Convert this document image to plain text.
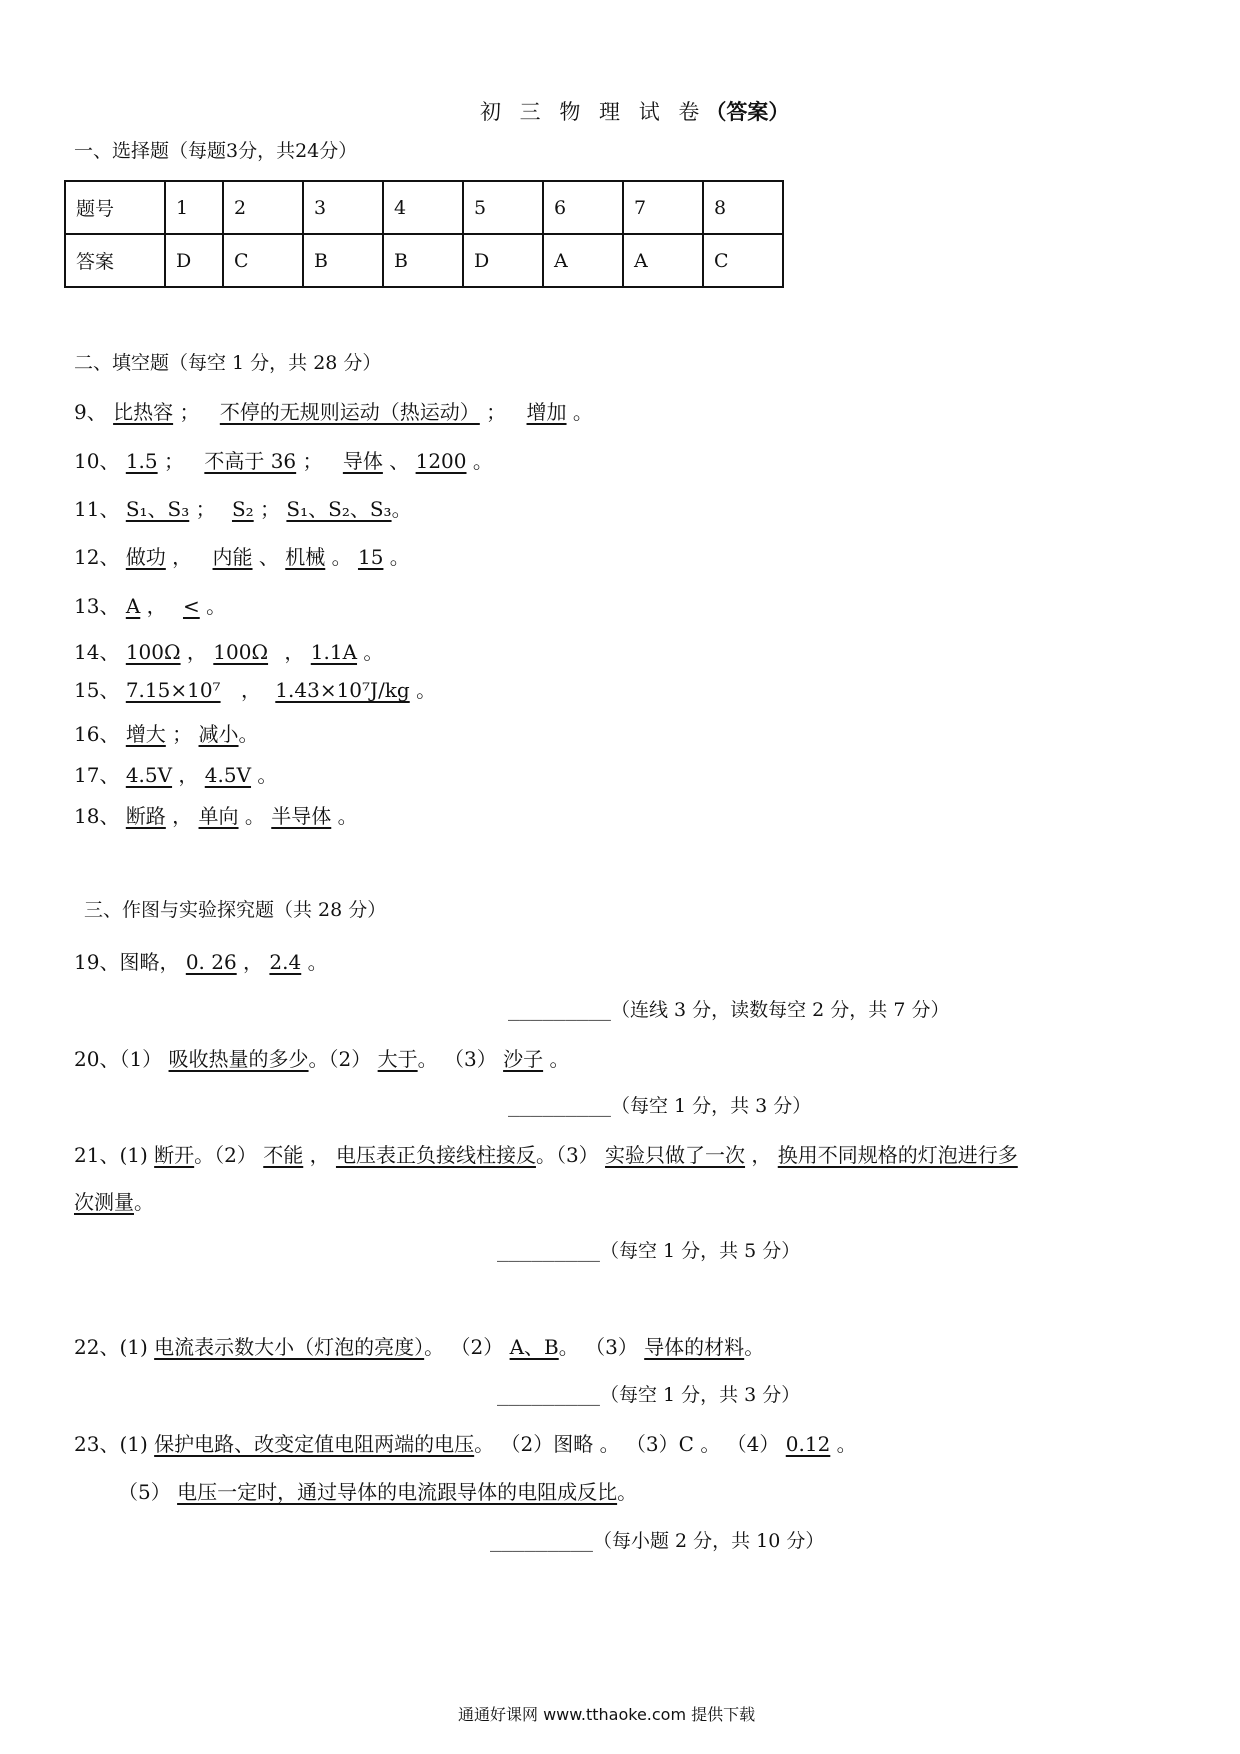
初 三 物 理 试 卷（答案）
一、选择题（每题3分，共24分）
题号	1	2	3	4	5	6	7	8
答案	D	C	B	B	D	A	A	C
二、填空题（每空 1 分，共 28 分）
9、 比热容 ； 不停的无规则运动（热运动） ； 增加 。
10、 1.5 ； 不高于 36 ； 导体 、 1200 。
11、 S₁、S₃ ； S₂ ； S₁、S₂、S₃。
12、 做功 ， 内能 、 机械 。 15 。
13、 A ， < 。
14、 100Ω ， 100Ω ， 1.1A 。
15、 7.15×10⁷ ， 1.43×10⁷J/kg 。
16、 增大 ； 减小。
17、 4.5V ， 4.5V 。
18、 断路 ， 单向 。 半导体 。
三、作图与实验探究题（共 28 分）
19、图略， 0. 26 ， 2.4 。
_________（连线 3 分，读数每空 2 分，共 7 分）
20、（1） 吸收热量的多少。（2） 大于。 （3） 沙子 。
_________（每空 1 分，共 3 分）
21、(1) 断开。（2） 不能 ， 电压表正负接线柱接反。（3） 实验只做了一次 ， 换用不同规格的灯泡进行多
次测量。
_________（每空 1 分，共 5 分）
22、(1) 电流表示数大小（灯泡的亮度）。 （2） A、B。 （3） 导体的材料。
_________（每空 1 分，共 3 分）
23、(1) 保护电路、改变定值电阻两端的电压。 （2）图略 。 （3）C 。 （4） 0.12 。
（5） 电压一定时，通过导体的电流跟导体的电阻成反比。
_________（每小题 2 分，共 10 分）
通通好课网 www.tthaoke.com 提供下载
